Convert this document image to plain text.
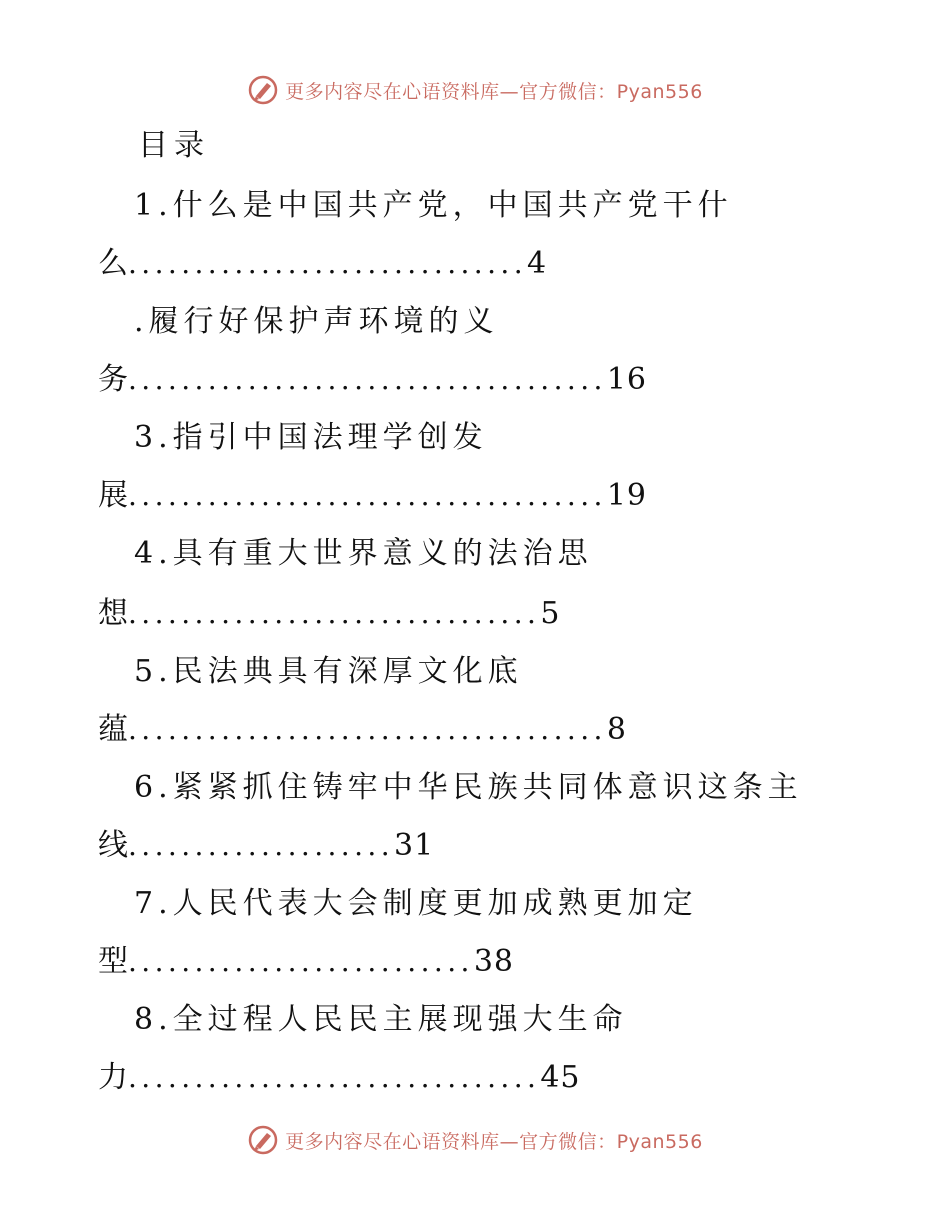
更多内容尽在心语资料库—官方微信：Pyan556
目录
1.什么是中国共产党，中国共产党干什
么 .............................. 4
.履行好保护声环境的义
务 .................................... 16
3.指引中国法理学创发
展 .................................... 19
4.具有重大世界意义的法治思
想 ............................... 5
5.民法典具有深厚文化底
蕴 .................................... 8
6.紧紧抓住铸牢中华民族共同体意识这条主
线 .................... 31
7.人民代表大会制度更加成熟更加定
型 .......................... 38
8.全过程人民民主展现强大生命
力 ............................... 45
更多内容尽在心语资料库—官方微信：Pyan556
